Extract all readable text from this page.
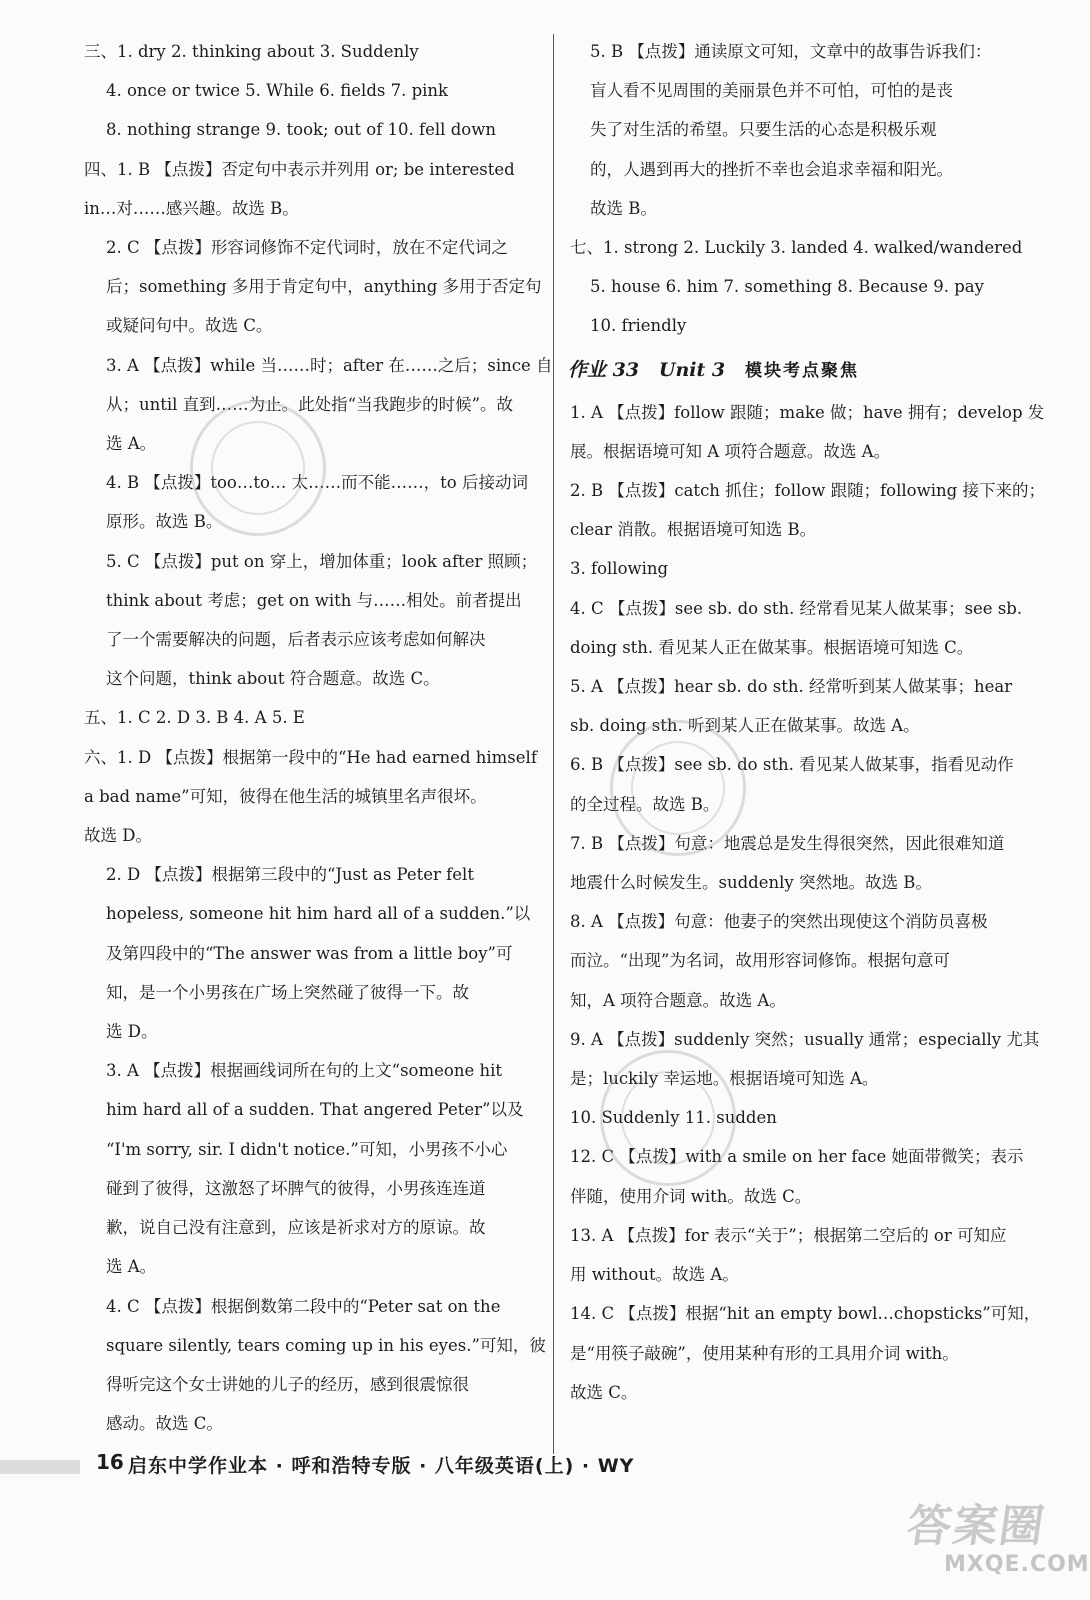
三、1. dry 2. thinking about 3. Suddenly
4. once or twice 5. While 6. fields 7. pink
8. nothing strange 9. took; out of 10. fell down
四、1. B 【点拨】否定句中表示并列用 or; be interested
in…对……感兴趣。故选 B。
2. C 【点拨】形容词修饰不定代词时，放在不定代词之
后；something 多用于肯定句中，anything 多用于否定句
或疑问句中。故选 C。
3. A 【点拨】while 当……时；after 在……之后；since 自
从；until 直到……为止。此处指“当我跑步的时候”。故
选 A。
4. B 【点拨】too…to… 太……而不能……，to 后接动词
原形。故选 B。
5. C 【点拨】put on 穿上，增加体重；look after 照顾；
think about 考虑；get on with 与……相处。前者提出
了一个需要解决的问题，后者表示应该考虑如何解决
这个问题，think about 符合题意。故选 C。
五、1. C 2. D 3. B 4. A 5. E
六、1. D 【点拨】根据第一段中的“He had earned himself
a bad name”可知，彼得在他生活的城镇里名声很坏。
故选 D。
2. D 【点拨】根据第三段中的“Just as Peter felt
hopeless, someone hit him hard all of a sudden.”以
及第四段中的“The answer was from a little boy”可
知，是一个小男孩在广场上突然碰了彼得一下。故
选 D。
3. A 【点拨】根据画线词所在句的上文“someone hit
him hard all of a sudden. That angered Peter”以及
“I'm sorry, sir. I didn't notice.”可知，小男孩不小心
碰到了彼得，这激怒了坏脾气的彼得，小男孩连连道
歉，说自己没有注意到，应该是祈求对方的原谅。故
选 A。
4. C 【点拨】根据倒数第二段中的“Peter sat on the
square silently, tears coming up in his eyes.”可知，彼
得听完这个女士讲她的儿子的经历，感到很震惊很
感动。故选 C。
5. B 【点拨】通读原文可知，文章中的故事告诉我们：
盲人看不见周围的美丽景色并不可怕，可怕的是丧
失了对生活的希望。只要生活的心态是积极乐观
的，人遇到再大的挫折不幸也会追求幸福和阳光。
故选 B。
七、1. strong 2. Luckily 3. landed 4. walked/wandered
5. house 6. him 7. something 8. Because 9. pay
10. friendly
作业 33 Unit 3 模块考点聚焦
1. A 【点拨】follow 跟随；make 做；have 拥有；develop 发
展。根据语境可知 A 项符合题意。故选 A。
2. B 【点拨】catch 抓住；follow 跟随；following 接下来的；
clear 消散。根据语境可知选 B。
3. following
4. C 【点拨】see sb. do sth. 经常看见某人做某事；see sb.
doing sth. 看见某人正在做某事。根据语境可知选 C。
5. A 【点拨】hear sb. do sth. 经常听到某人做某事；hear
sb. doing sth. 听到某人正在做某事。故选 A。
6. B 【点拨】see sb. do sth. 看见某人做某事，指看见动作
的全过程。故选 B。
7. B 【点拨】句意：地震总是发生得很突然，因此很难知道
地震什么时候发生。suddenly 突然地。故选 B。
8. A 【点拨】句意：他妻子的突然出现使这个消防员喜极
而泣。“出现”为名词，故用形容词修饰。根据句意可
知，A 项符合题意。故选 A。
9. A 【点拨】suddenly 突然；usually 通常；especially 尤其
是；luckily 幸运地。根据语境可知选 A。
10. Suddenly 11. sudden
12. C 【点拨】with a smile on her face 她面带微笑；表示
伴随，使用介词 with。故选 C。
13. A 【点拨】for 表示“关于”；根据第二空后的 or 可知应
用 without。故选 A。
14. C 【点拨】根据“hit an empty bowl…chopsticks”可知，
是“用筷子敲碗”，使用某种有形的工具用介词 with。
故选 C。
16 启东中学作业本 · 呼和浩特专版 · 八年级英语(上) · WY
答案圈
MXQE.COM
